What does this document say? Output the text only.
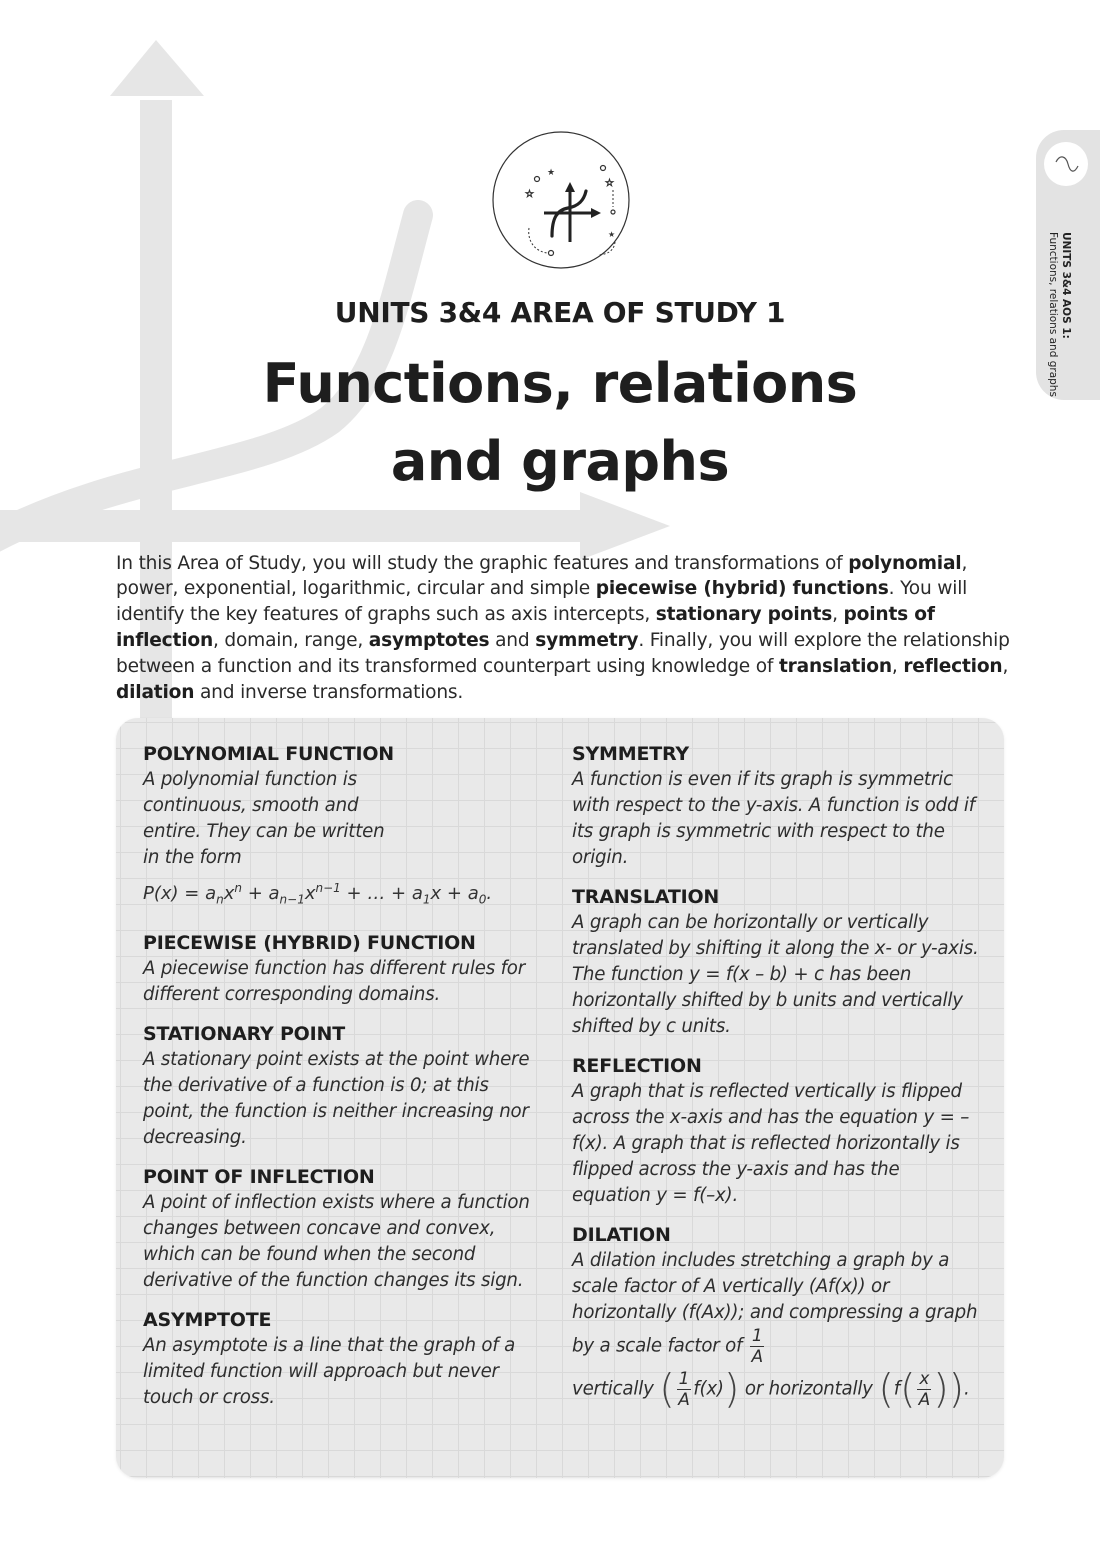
★
☆
☆
★	UNITS 3&4 AOS 1:
Functions, relations and graphs
UNITS 3&4 AREA OF STUDY 1
Functions, relations
and graphs

In this Area of Study, you will study the graphic features and transformations of polynomial, power, exponential, logarithmic, circular and simple piecewise (hybrid) functions. You will identify the key features of graphs such as axis intercepts, stationary points, points of inflection, domain, range, asymptotes and symmetry. Finally, you will explore the relationship between a function and its transformed counterpart using knowledge of translation, reflection, dilation and inverse transformations.

POLYNOMIAL FUNCTION
A polynomial function is continuous, smooth and entire. They can be written in the form
$P(x) = a_nx^n + a_{n-1}x^{n-1}$ + … + $a_1x + a_0$.
PIECEWISE (HYBRID) FUNCTION
A piecewise function has different rules for different corresponding domains.
STATIONARY POINT
A stationary point exists at the point where the derivative of a function is 0; at this point, the function is neither increasing nor decreasing.
POINT OF INFLECTION
A point of inflection exists where a function changes between concave and convex, which can be found when the second derivative of the function changes its sign.
ASYMPTOTE
An asymptote is a line that the graph of a limited function will approach but never touch or cross.
SYMMETRY
A function is even if its graph is symmetric with respect to the y-axis. A function is odd if its graph is symmetric with respect to the origin.
TRANSLATION
A graph can be horizontally or vertically translated by shifting it along the x- or y-axis. The function y = f(x – b) + c has been horizontally shifted by b units and vertically shifted by c units.
REFLECTION
A graph that is reflected vertically is flipped across the x-axis and has the equation y = –f(x). A graph that is reflected horizontally is flipped across the y-axis and has the equation y = f(–x).
DILATION
A dilation includes stretching a graph by a scale factor of A vertically (Af(x)) or horizontally (f(Ax)); and compressing a graph by a scale factor of $\frac{1}{A}$
vertically ( $\frac{1}{A} f(x)$) or horizontally ($f( \frac{x}{A}$ )).
